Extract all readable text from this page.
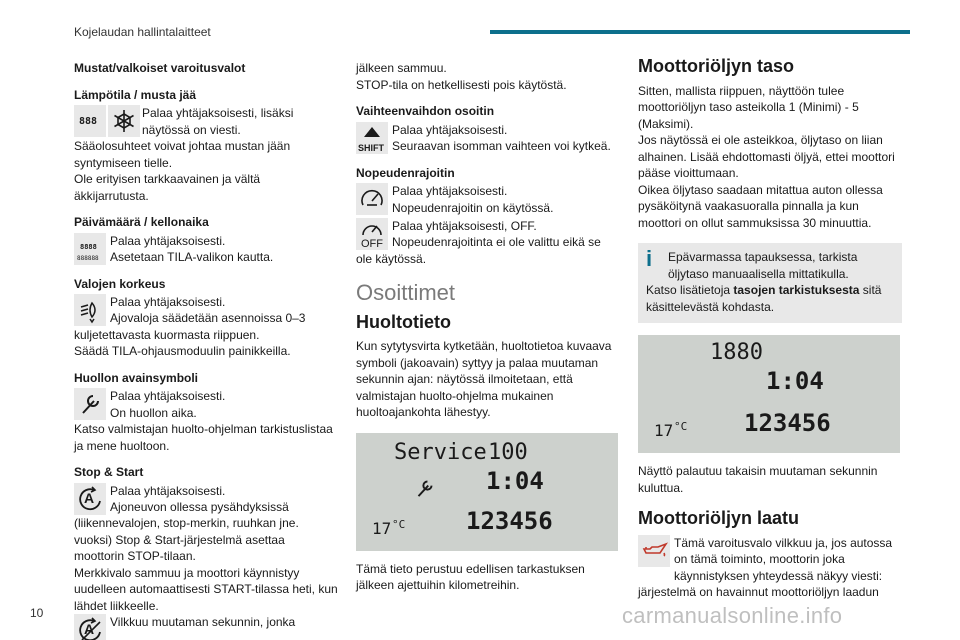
Kojelaudan hallintalaitteet
Mustat/valkoiset varoitusvalot
Lämpötila / musta jää
888
Palaa yhtäjaksoisesti, lisäksi näytössä on viesti.

Sääolosuhteet voivat johtaa mustan jään syntymiseen tielle.

Ole erityisen tarkkaavainen ja vältä äkkijarrutusta.

Päivämäärä / kellonaika
8888
888888

Palaa yhtäjaksoisesti.

Asetetaan TILA-valikon kautta.

Valojen korkeus

Palaa yhtäjaksoisesti.

Ajovaloja säädetään asennoissa 0–3 kuljetettavasta kuormasta riippuen.

Säädä TILA-ohjausmoduulin painikkeilla.

Huollon avainsymboli

Palaa yhtäjaksoisesti.

On huollon aika.

Katso valmistajan huolto-ohjelman tarkistuslistaa ja mene huoltoon.

Stop & Start
A Palaa yhtäjaksoisesti.

Ajoneuvon ollessa pysähdyksissä (liikennevalojen, stop-merkin, ruuhkan jne. vuoksi) Stop & Start-järjestelmä asettaa moottorin STOP-tilaan.

Merkkivalo sammuu ja moottori käynnistyy uudelleen automaattisesti START-tilassa heti, kun lähdet liikkeelle.

A Vilkkuu muutaman sekunnin, jonka

jälkeen sammuu.

STOP-tila on hetkellisesti pois käytöstä.

Vaihteenvaihdon osoitin
SHIFT

Palaa yhtäjaksoisesti.

Seuraavan isomman vaihteen voi kytkeä.

Nopeudenrajoitin

Palaa yhtäjaksoisesti.

Nopeudenrajoitin on käytössä.

OFF

Palaa yhtäjaksoisesti, OFF.

Nopeudenrajoitinta ei ole valittu eikä se ole käytössä.

Osoittimet
Huoltotieto

Kun sytytysvirta kytketään, huoltotietoa kuvaava symboli (jakoavain) syttyy ja palaa muutaman sekunnin ajan: näytössä ilmoitetaan, että valmistajan huolto-ohjelma mukainen huoltoajankohta lähestyy.

Service 100
1:04
17 °C	123456

Tämä tieto perustuu edellisen tarkastuksen jälkeen ajettuihin kilometreihin.

Moottoriöljyn taso

Sitten, mallista riippuen, näyttöön tulee moottoriöljyn taso asteikolla 1 (Minimi) - 5 (Maksimi).

Jos näytössä ei ole asteikkoa, öljytaso on liian alhainen. Lisää ehdottomasti öljyä, ettei moottori pääse vioittumaan.

Oikea öljytaso saadaan mitattua auton ollessa pysäköitynä vaakasuoralla pinnalla ja kun moottori on ollut sammuksissa 30 minuuttia.

i	Epävarmassa tapauksessa, tarkista öljytaso manuaalisella mittatikulla.

Katso lisätietoja tasojen tarkistuksesta sitä käsittelevästä kohdasta.

1880
1:04
17 °C 123456

Näyttö palautuu takaisin muutaman sekunnin kuluttua.

Moottoriöljyn laatu
Tämä varoitusvalo vilkkuu ja, jos autossa on tämä toiminto, moottorin joka käynnistyksen yhteydessä näkyy viesti:

järjestelmä on havainnut moottoriöljyn laadun

10	carmanualsonline.info
